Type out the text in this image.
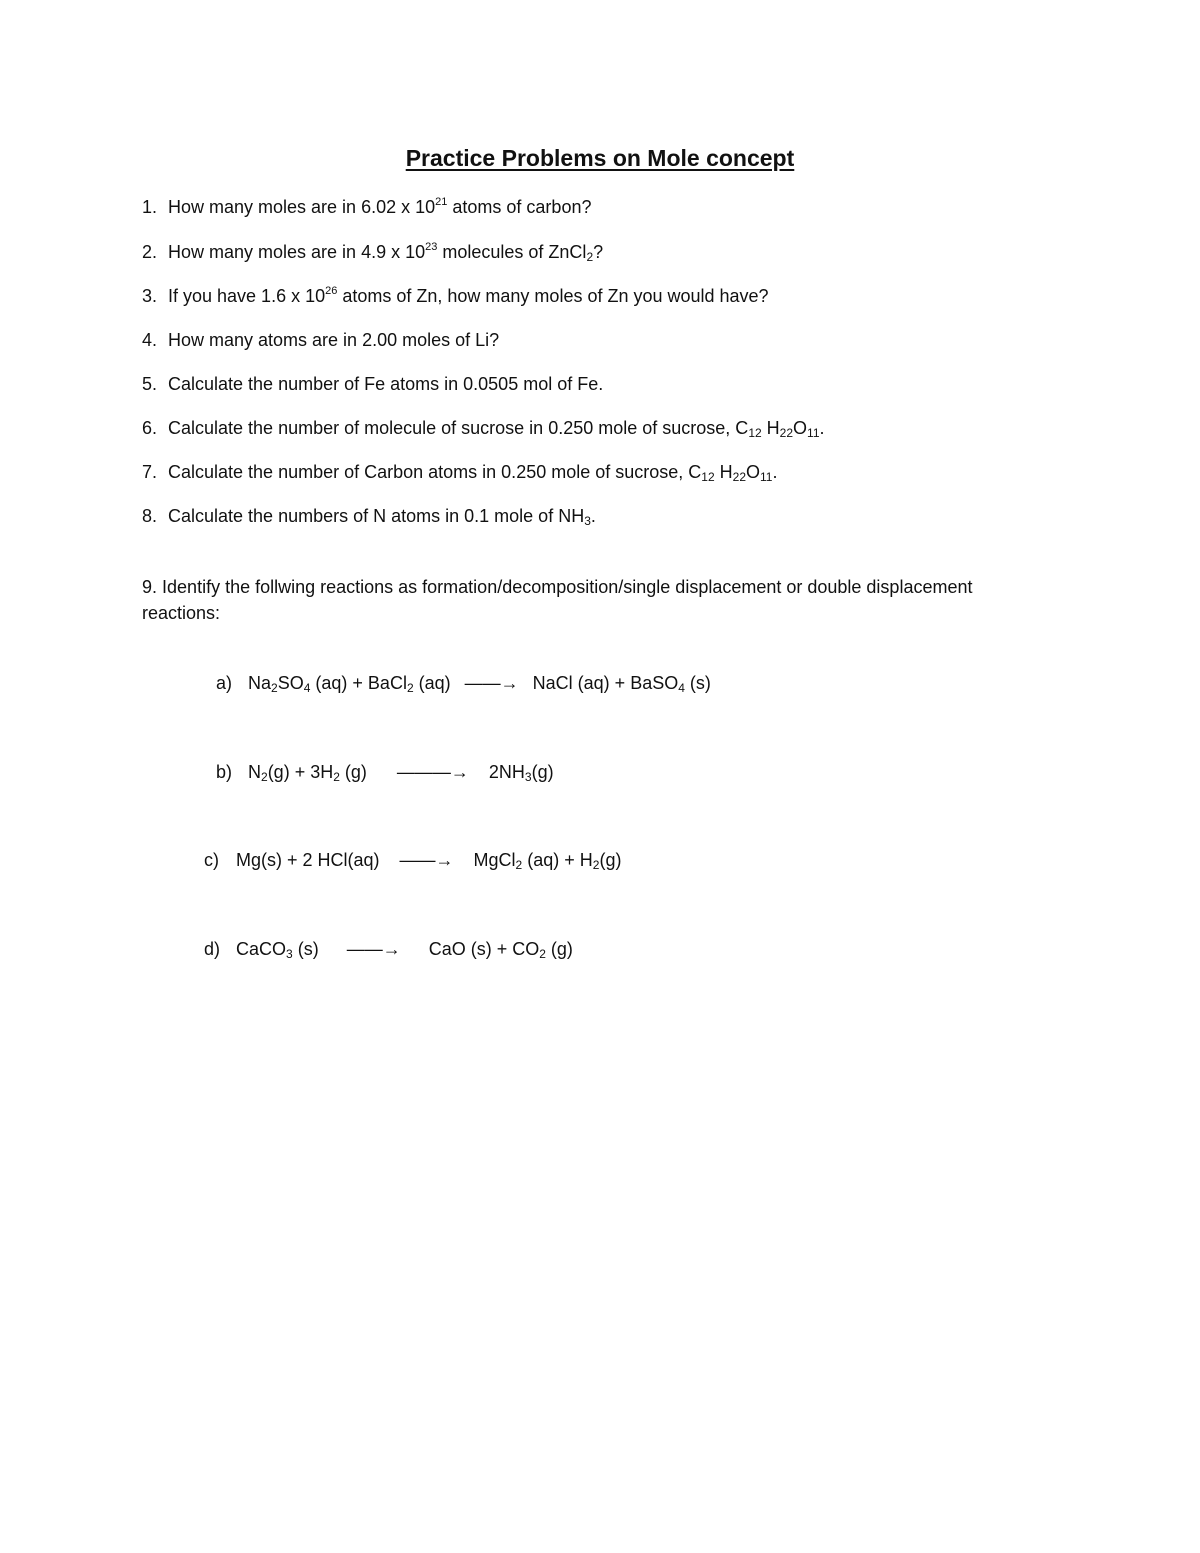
Practice Problems on Mole concept
1. How many moles are in 6.02 x $10^{21}$ atoms of carbon?
2. How many moles are in 4.9 x $10^{23}$ molecules of ZnCl$_2$?
3. If you have 1.6 x $10^{26}$ atoms of Zn, how many moles of Zn you would have?
4. How many atoms are in 2.00 moles of Li?
5. Calculate the number of Fe atoms in 0.0505 mol of Fe.
6. Calculate the number of molecule of sucrose in 0.250 mole of sucrose, $C_{12}$ $H_{22}O_{11}$.
7. Calculate the number of Carbon atoms in 0.250 mole of sucrose, $C_{12}$ $H_{22}O_{11}$.
8. Calculate the numbers of N atoms in 0.1 mole of $NH_3$.
9. Identify the follwing reactions as formation/decomposition/single displacement or double displacement reactions:
a) $Na_2SO_4$ (aq) + BaCl$_2$ (aq) ——→ NaCl (aq) + BaSO$_4$ (s)
b) $N_2(g) + 3H_2$ (g) ———→ $2NH_3(g)$
c) Mg(s) + 2 HCl(aq) ——→ MgCl$_2$ $(aq) + H_2(g)$
d) CaCO$_3$ (s) ——→ CaO $(s) + CO_2$ (g)
